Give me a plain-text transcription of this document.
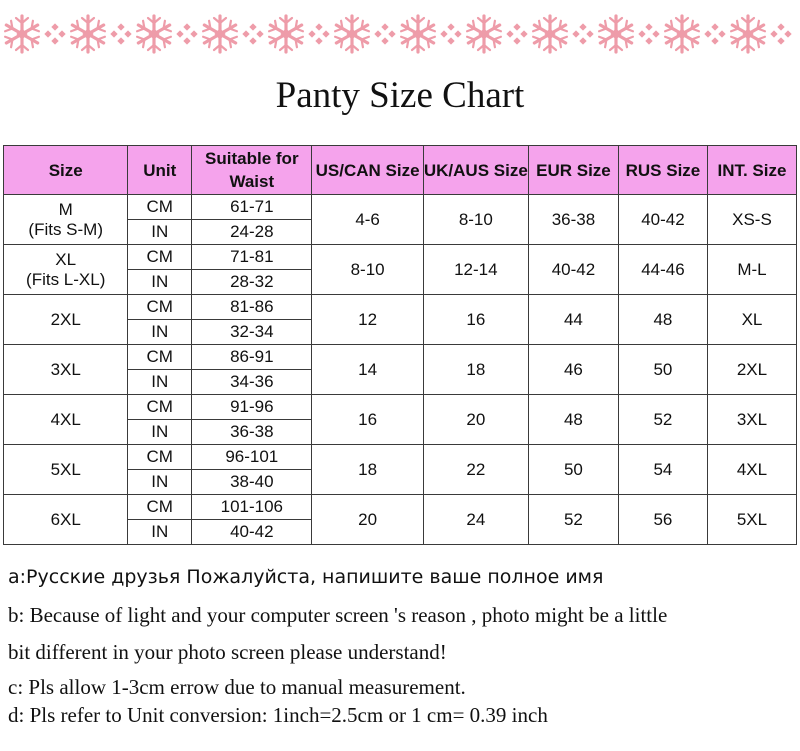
Panty Size Chart
Size	Unit	Suitable for Waist	US/CAN Size	UK/AUS Size	EUR Size	RUS Size	INT. Size

M
(Fits S-M)	CM	61-71	4-6	8-10	36-38	40-42	XS-S
	IN	24-28					

XL
(Fits L-XL)	CM	71-81	8-10	12-14	40-42	44-46	M-L
	IN	28-32					

2XL	CM	81-86	12	16	44	48	XL
	IN	32-34					

3XL	CM	86-91	14	18	46	50	2XL
	IN	34-36					

4XL	CM	91-96	16	20	48	52	3XL
	IN	36-38					

5XL	CM	96-101	18	22	50	54	4XL
	IN	38-40					

6XL	CM	101-106	20	24	52	56	5XL
	IN	40-42					
a:Русские друзья Пожалуйста, напишите ваше полное имя
b: Because of light and your computer screen 's reason , photo might be a little
bit different in your photo screen please understand!
c: Pls allow 1-3cm errow due to manual measurement.
d: Pls refer to Unit conversion: 1inch=2.5cm or 1 cm= 0.39 inch
